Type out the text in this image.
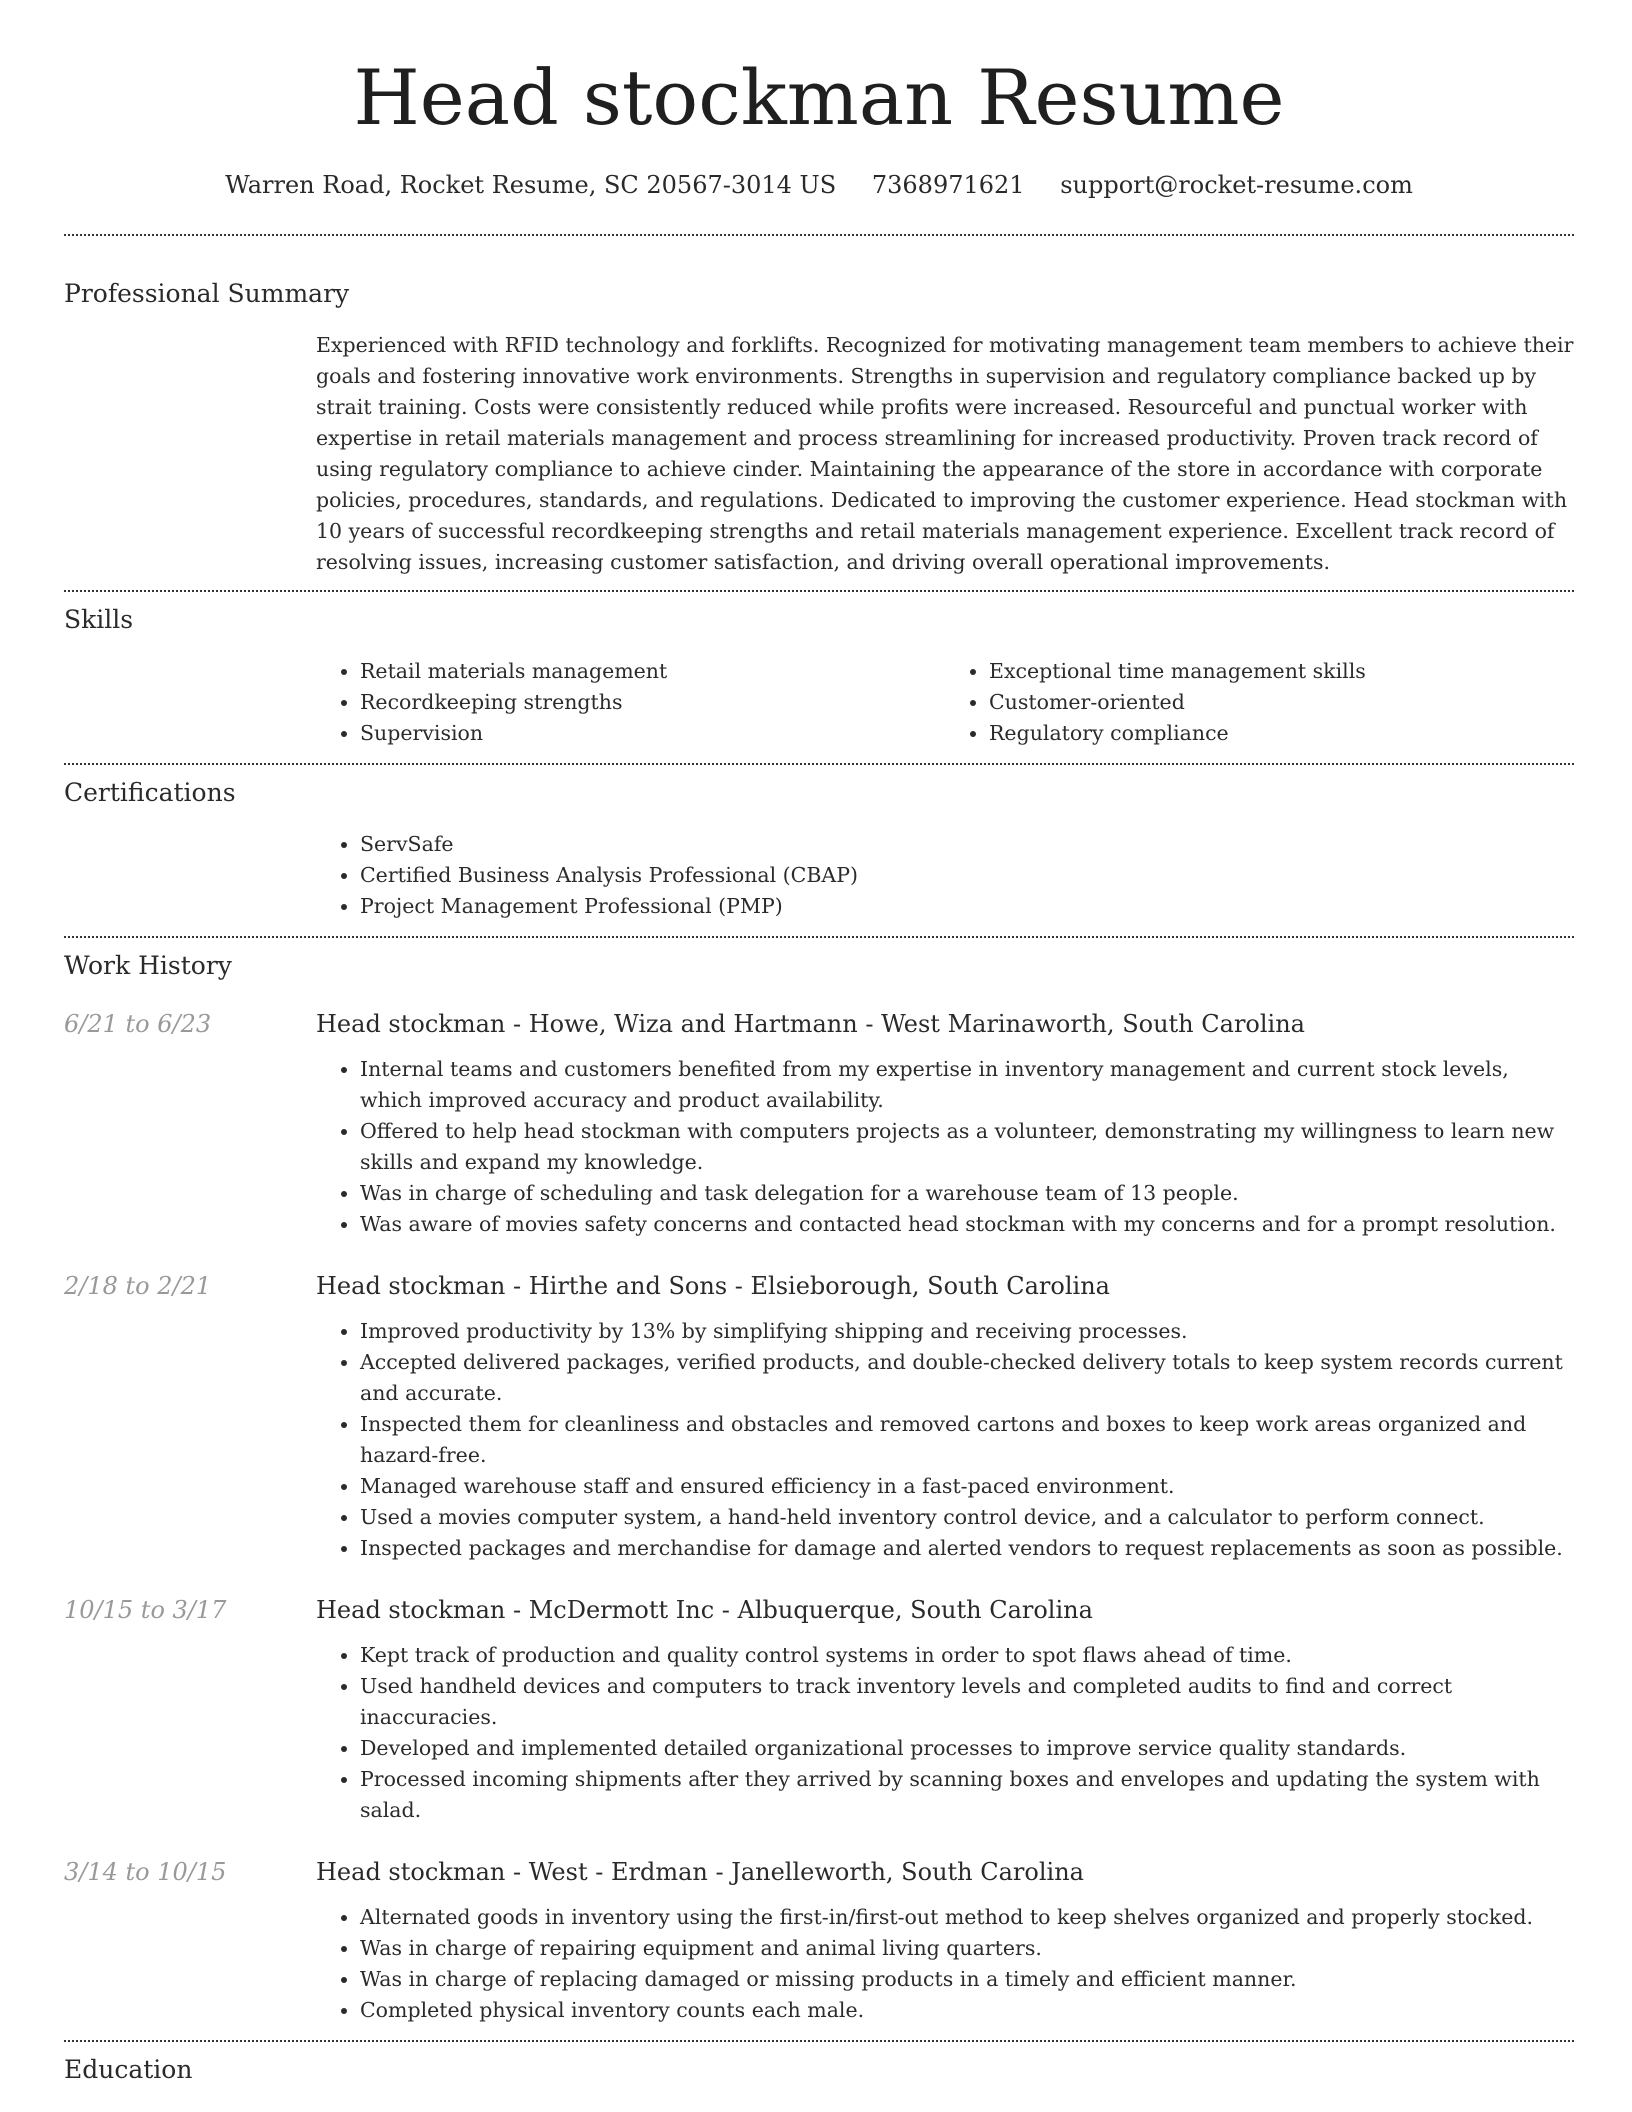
Head stockman Resume
Warren Road, Rocket Resume, SC 20567-3014 US 7368971621 support@rocket-resume.com
Professional Summary
Experienced with RFID technology and forklifts. Recognized for motivating management team members to achieve their goals and fostering innovative work environments. Strengths in supervision and regulatory compliance backed up by strait training. Costs were consistently reduced while profits were increased. Resourceful and punctual worker with expertise in retail materials management and process streamlining for increased productivity. Proven track record of using regulatory compliance to achieve cinder. Maintaining the appearance of the store in accordance with corporate policies, procedures, standards, and regulations. Dedicated to improving the customer experience. Head stockman with 10 years of successful recordkeeping strengths and retail materials management experience. Excellent track record of resolving issues, increasing customer satisfaction, and driving overall operational improvements.
Skills
• Retail materials management
• Recordkeeping strengths
• Supervision
• Exceptional time management skills
• Customer-oriented
• Regulatory compliance
Certifications
• ServSafe
• Certified Business Analysis Professional (CBAP)
• Project Management Professional (PMP)
Work History
6/21 to 6/23	Head stockman - Howe, Wiza and Hartmann - West Marinaworth, South Carolina
• Internal teams and customers benefited from my expertise in inventory management and current stock levels, which improved accuracy and product availability.
• Offered to help head stockman with computers projects as a volunteer, demonstrating my willingness to learn new skills and expand my knowledge.
• Was in charge of scheduling and task delegation for a warehouse team of 13 people.
• Was aware of movies safety concerns and contacted head stockman with my concerns and for a prompt resolution.
2/18 to 2/21	Head stockman - Hirthe and Sons - Elsieborough, South Carolina
• Improved productivity by 13% by simplifying shipping and receiving processes.
• Accepted delivered packages, verified products, and double-checked delivery totals to keep system records current and accurate.
• Inspected them for cleanliness and obstacles and removed cartons and boxes to keep work areas organized and hazard-free.
• Managed warehouse staff and ensured efficiency in a fast-paced environment.
• Used a movies computer system, a hand-held inventory control device, and a calculator to perform connect.
• Inspected packages and merchandise for damage and alerted vendors to request replacements as soon as possible.
10/15 to 3/17	Head stockman - McDermott Inc - Albuquerque, South Carolina
• Kept track of production and quality control systems in order to spot flaws ahead of time.
• Used handheld devices and computers to track inventory levels and completed audits to find and correct inaccuracies.
• Developed and implemented detailed organizational processes to improve service quality standards.
• Processed incoming shipments after they arrived by scanning boxes and envelopes and updating the system with salad.
3/14 to 10/15	Head stockman - West - Erdman - Janelleworth, South Carolina
• Alternated goods in inventory using the first-in/first-out method to keep shelves organized and properly stocked.
• Was in charge of repairing equipment and animal living quarters.
• Was in charge of replacing damaged or missing products in a timely and efficient manner.
• Completed physical inventory counts each male.
Education
